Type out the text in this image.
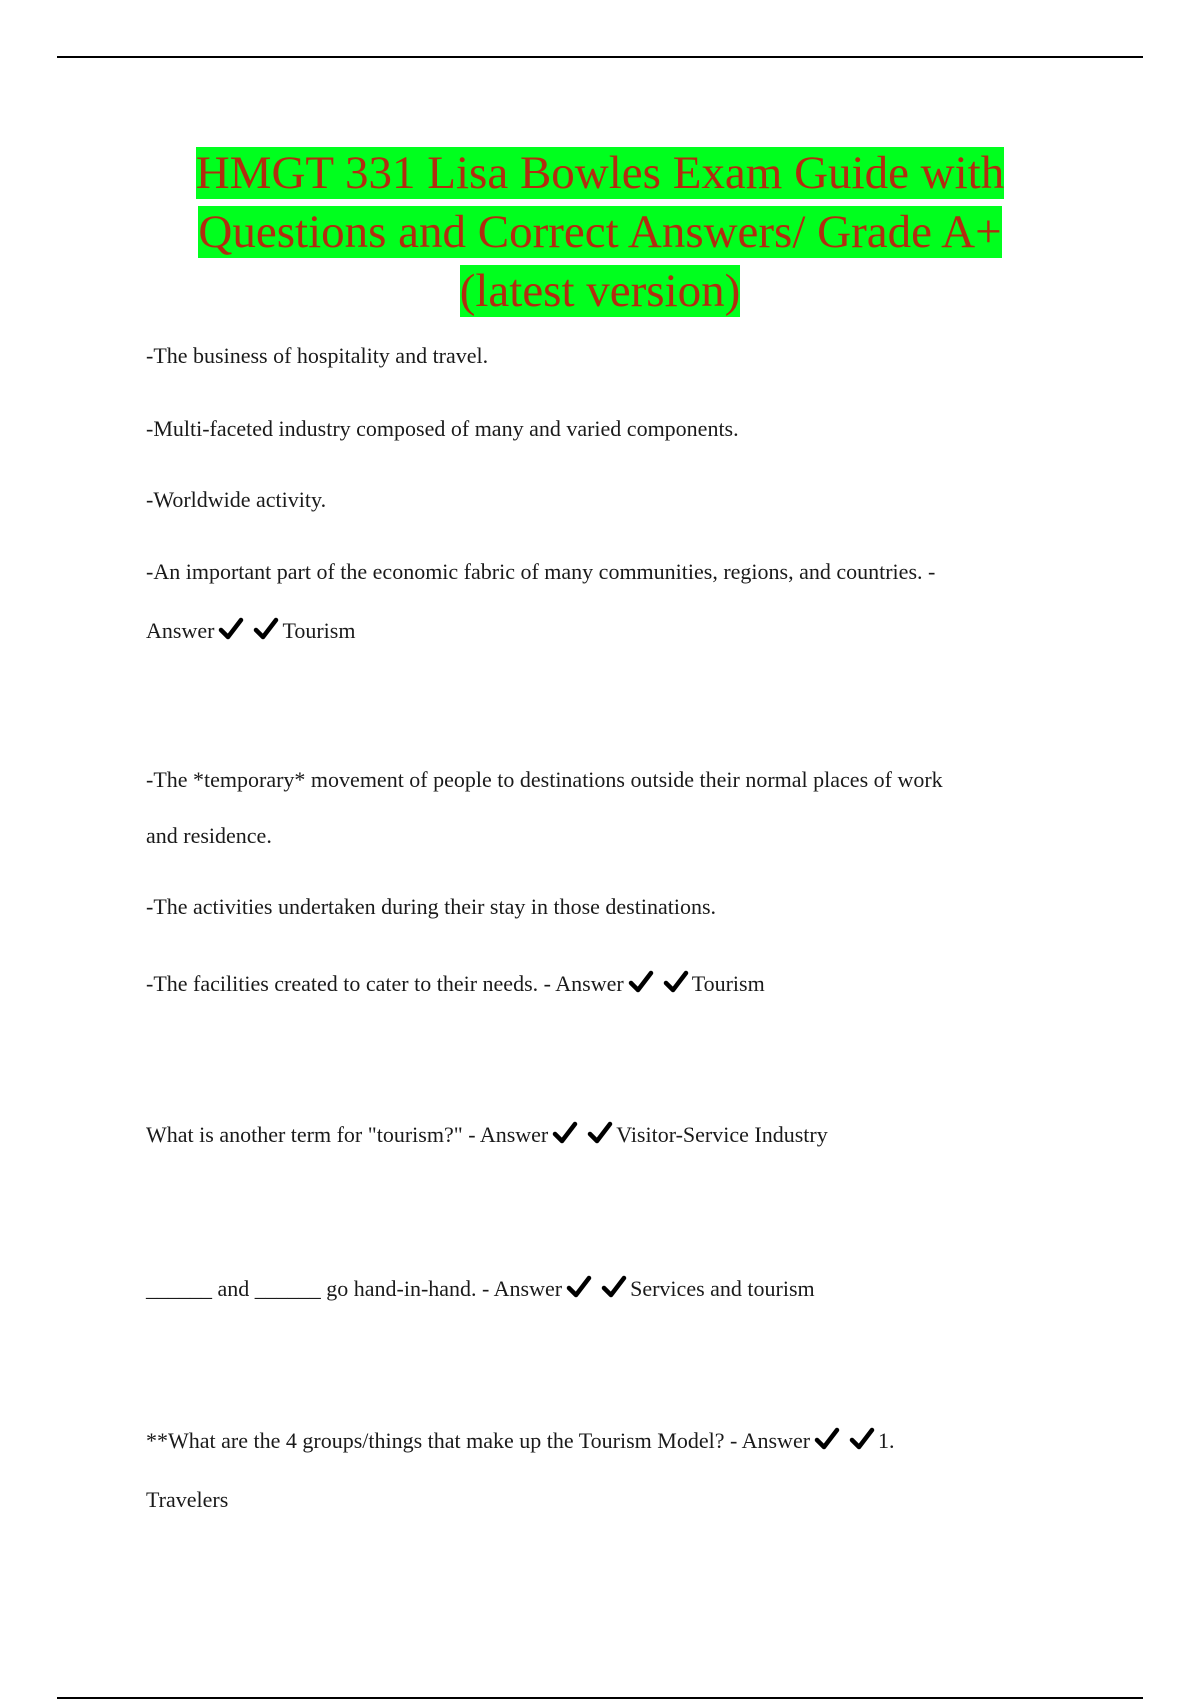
HMGT 331 Lisa Bowles Exam Guide with
Questions and Correct Answers/ Grade A+
(latest version)

-The business of hospitality and travel.

-Multi-faceted industry composed of many and varied components.

-Worldwide activity.

-An important part of the economic fabric of many communities, regions, and countries. -

Answer	Tourism

-The *temporary* movement of people to destinations outside their normal places of work

and residence.

-The activities undertaken during their stay in those destinations.

-The facilities created to cater to their needs. - Answer	Tourism

What is another term for "tourism?" - Answer	Visitor-Service Industry

______ and ______ go hand-in-hand. - Answer	Services and tourism

**What are the 4 groups/things that make up the Tourism Model? - Answer	1.

Travelers
